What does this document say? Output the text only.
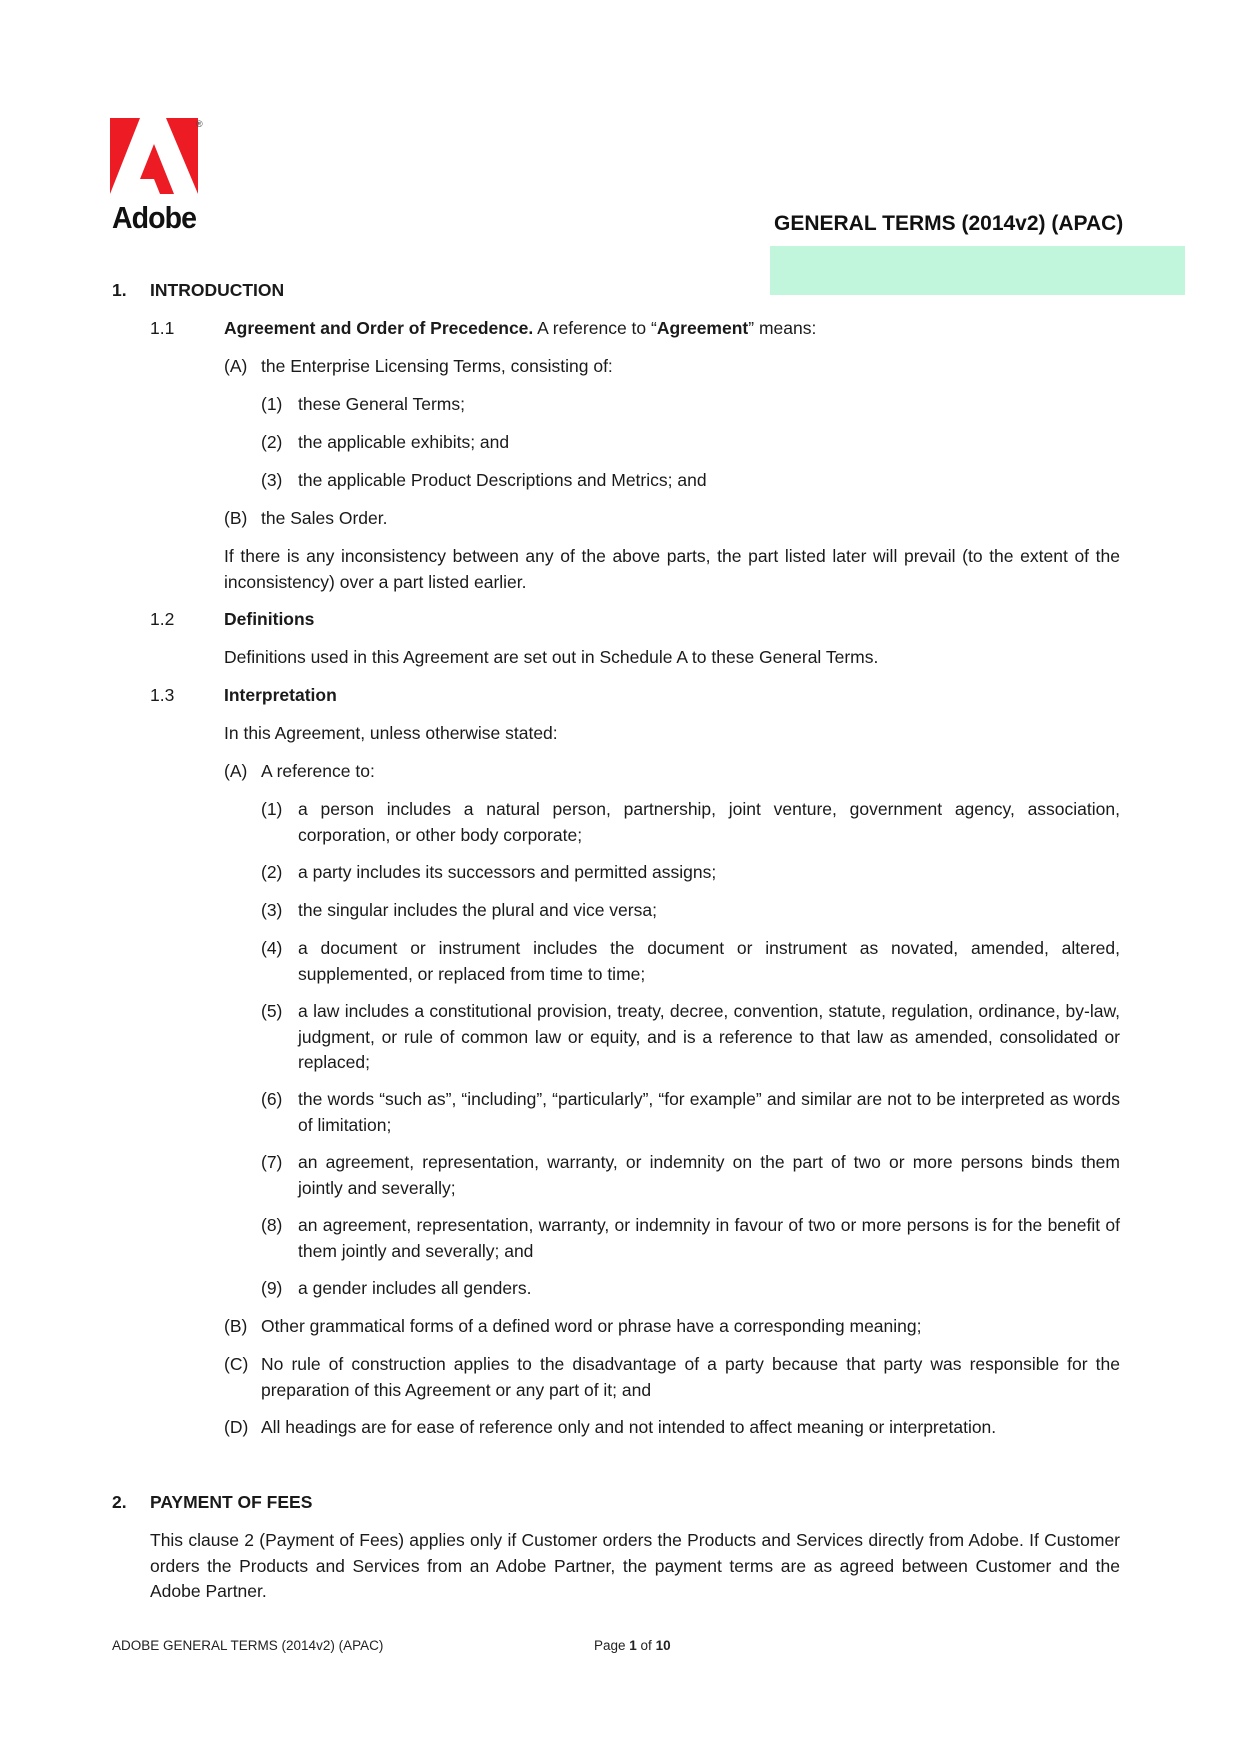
®
Adobe	GENERAL TERMS (2014v2) (APAC)
1. INTRODUCTION
1.1	Agreement and Order of Precedence. A reference to “Agreement” means:
(A) the Enterprise Licensing Terms, consisting of:
(1) these General Terms;
(2) the applicable exhibits; and
(3) the applicable Product Descriptions and Metrics; and
(B) the Sales Order.
If there is any inconsistency between any of the above parts, the part listed later will prevail (to the extent of the inconsistency) over a part listed earlier.
1.2	Definitions
Definitions used in this Agreement are set out in Schedule A to these General Terms.
1.3	Interpretation
In this Agreement, unless otherwise stated:
(A) A reference to:
(1) a person includes a natural person, partnership, joint venture, government agency, association, corporation, or other body corporate;
(2) a party includes its successors and permitted assigns;
(3) the singular includes the plural and vice versa;
(4) a document or instrument includes the document or instrument as novated, amended, altered, supplemented, or replaced from time to time;
(5) a law includes a constitutional provision, treaty, decree, convention, statute, regulation, ordinance, by-law, judgment, or rule of common law or equity, and is a reference to that law as amended, consolidated or replaced;
(6) the words “such as”, “including”, “particularly”, “for example” and similar are not to be interpreted as words of limitation;
(7) an agreement, representation, warranty, or indemnity on the part of two or more persons binds them jointly and severally;
(8) an agreement, representation, warranty, or indemnity in favour of two or more persons is for the benefit of them jointly and severally; and
(9) a gender includes all genders.
(B) Other grammatical forms of a defined word or phrase have a corresponding meaning;
(C) No rule of construction applies to the disadvantage of a party because that party was responsible for the preparation of this Agreement or any part of it; and
(D) All headings are for ease of reference only and not intended to affect meaning or interpretation.
2. PAYMENT OF FEES
This clause 2 (Payment of Fees) applies only if Customer orders the Products and Services directly from Adobe. If Customer orders the Products and Services from an Adobe Partner, the payment terms are as agreed between Customer and the Adobe Partner.
ADOBE GENERAL TERMS (2014v2) (APAC)	Page 1 of 10
